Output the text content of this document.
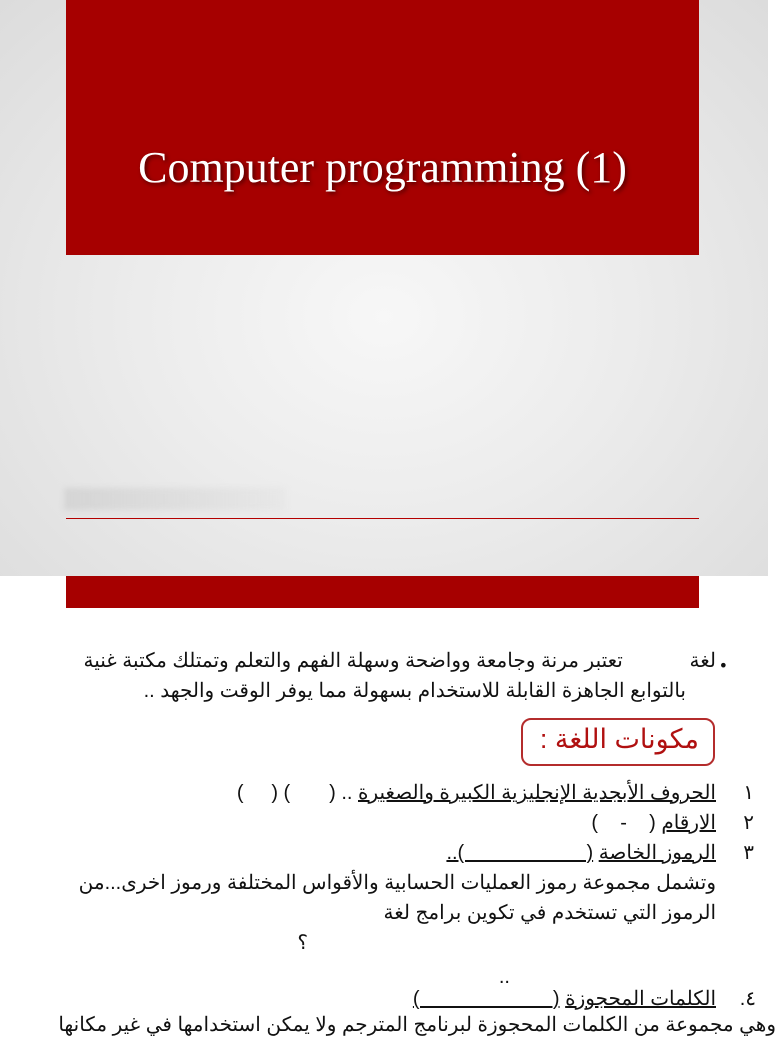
Computer programming (1)
•
لغة            تعتبر مرنة وجامعة وواضحة وسهلة الفهم والتعلم وتمتلك مكتبة غنية
بالتوابع الجاهزة القابلة للاستخدام بسهولة مما يوفر الوقت والجهد ..
مكونات اللغة :
١
الحروف الأبجدية الإنجليزية الكبيرة والصغيرة .. (       ) (     )
٢
الارقام (    -    )
٣
الرموز الخاصة (                      )..
وتشمل مجموعة رموز العمليات الحسابية والأقواس المختلفة ورموز اخرى...من
الرموز التي تستخدم في تكوين برامج لغة
؟
..
٤.
الكلمات المحجوزة (                        )
وهي مجموعة من الكلمات المحجوزة لبرنامج المترجم ولا يمكن استخدامها في غير مكانها
